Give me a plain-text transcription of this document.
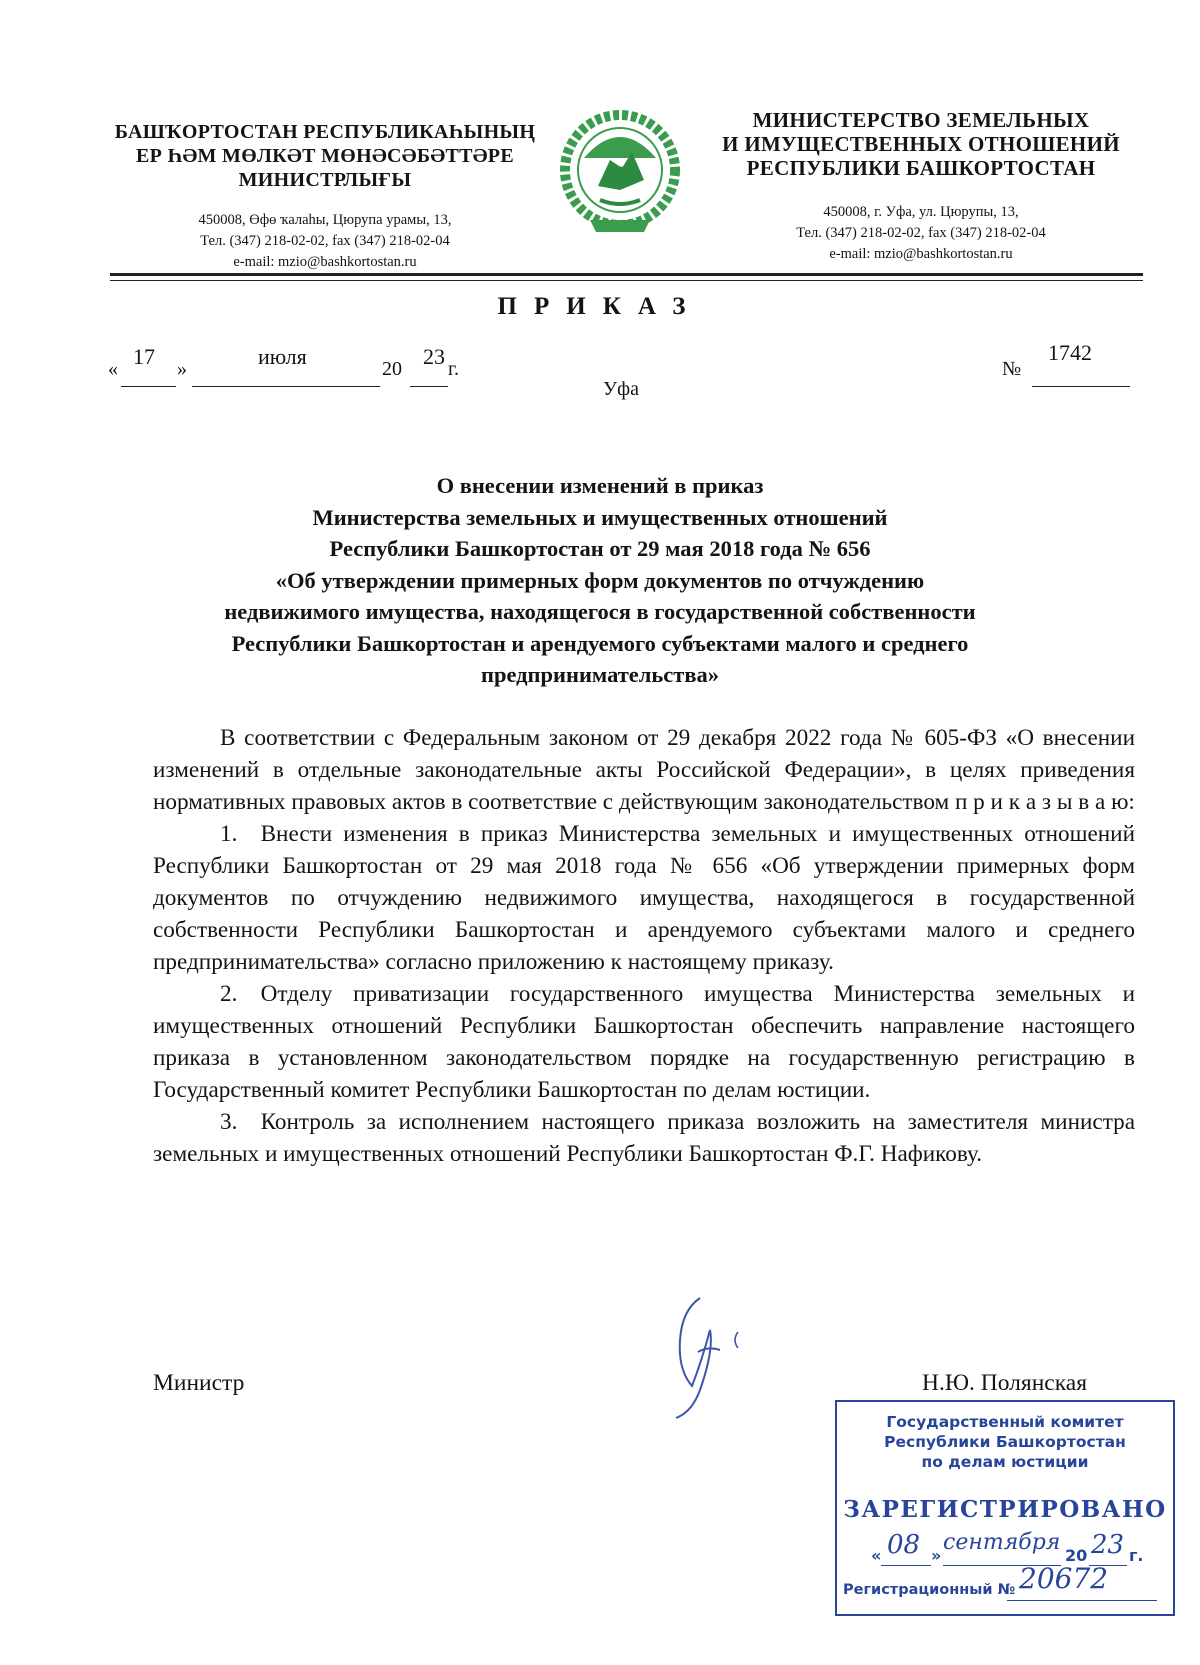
БАШҠОРТОСТАН РЕСПУБЛИКАҺЫНЫҢ
ЕР ҺӘМ МӨЛКӘТ МӨНӘСӘБӘТТӘРЕ
МИНИСТРЛЫҒЫ
450008, Өфө ҡалаһы, Цюрупа урамы, 13,
Тел. (347) 218-02-02, fax (347) 218-02-04
e-mail: mzio@bashkortostan.ru
МИНИСТЕРСТВО ЗЕМЕЛЬНЫХ
И ИМУЩЕСТВЕННЫХ ОТНОШЕНИЙ
РЕСПУБЛИКИ БАШКОРТОСТАН
450008, г. Уфа, ул. Цюрупы, 13,
Тел. (347) 218-02-02, fax (347) 218-02-04
e-mail: mzio@bashkortostan.ru
ПРИКАЗ
« 17 »	июля	20 23 г.
Уфа
№
1742
О внесении изменений в приказ
Министерства земельных и имущественных отношений
Республики Башкортостан от 29 мая 2018 года № 656
«Об утверждении примерных форм документов по отчуждению
недвижимого имущества, находящегося в государственной собственности
Республики Башкортостан и арендуемого субъектами малого и среднего
предпринимательства»

В соответствии с Федеральным законом от 29 декабря 2022 года № 605-ФЗ «О внесении изменений в отдельные законодательные акты Российской Федерации», в целях приведения нормативных правовых актов в соответствие с действующим законодательством п р и к а з ы в а ю:

1. Внести изменения в приказ Министерства земельных и имущественных отношений Республики Башкортостан от 29 мая 2018 года № 656 «Об утверждении примерных форм документов по отчуждению недвижимого имущества, находящегося в государственной собственности Республики Башкортостан и арендуемого субъектами малого и среднего предпринимательства» согласно приложению к настоящему приказу.

2. Отделу приватизации государственного имущества Министерства земельных и имущественных отношений Республики Башкортостан обеспечить направление настоящего приказа в установленном законодательством порядке на государственную регистрацию в Государственный комитет Республики Башкортостан по делам юстиции.

3. Контроль за исполнением настоящего приказа возложить на заместителя министра земельных и имущественных отношений Республики Башкортостан Ф.Г. Нафикову.

Министр	Н.Ю. Полянская
Государственный комитет
Республики Башкортостан
по делам юстиции
ЗАРЕГИСТРИРОВАНО
« 08 »
сентября
20 23 г.
Регистрационный № 20672
